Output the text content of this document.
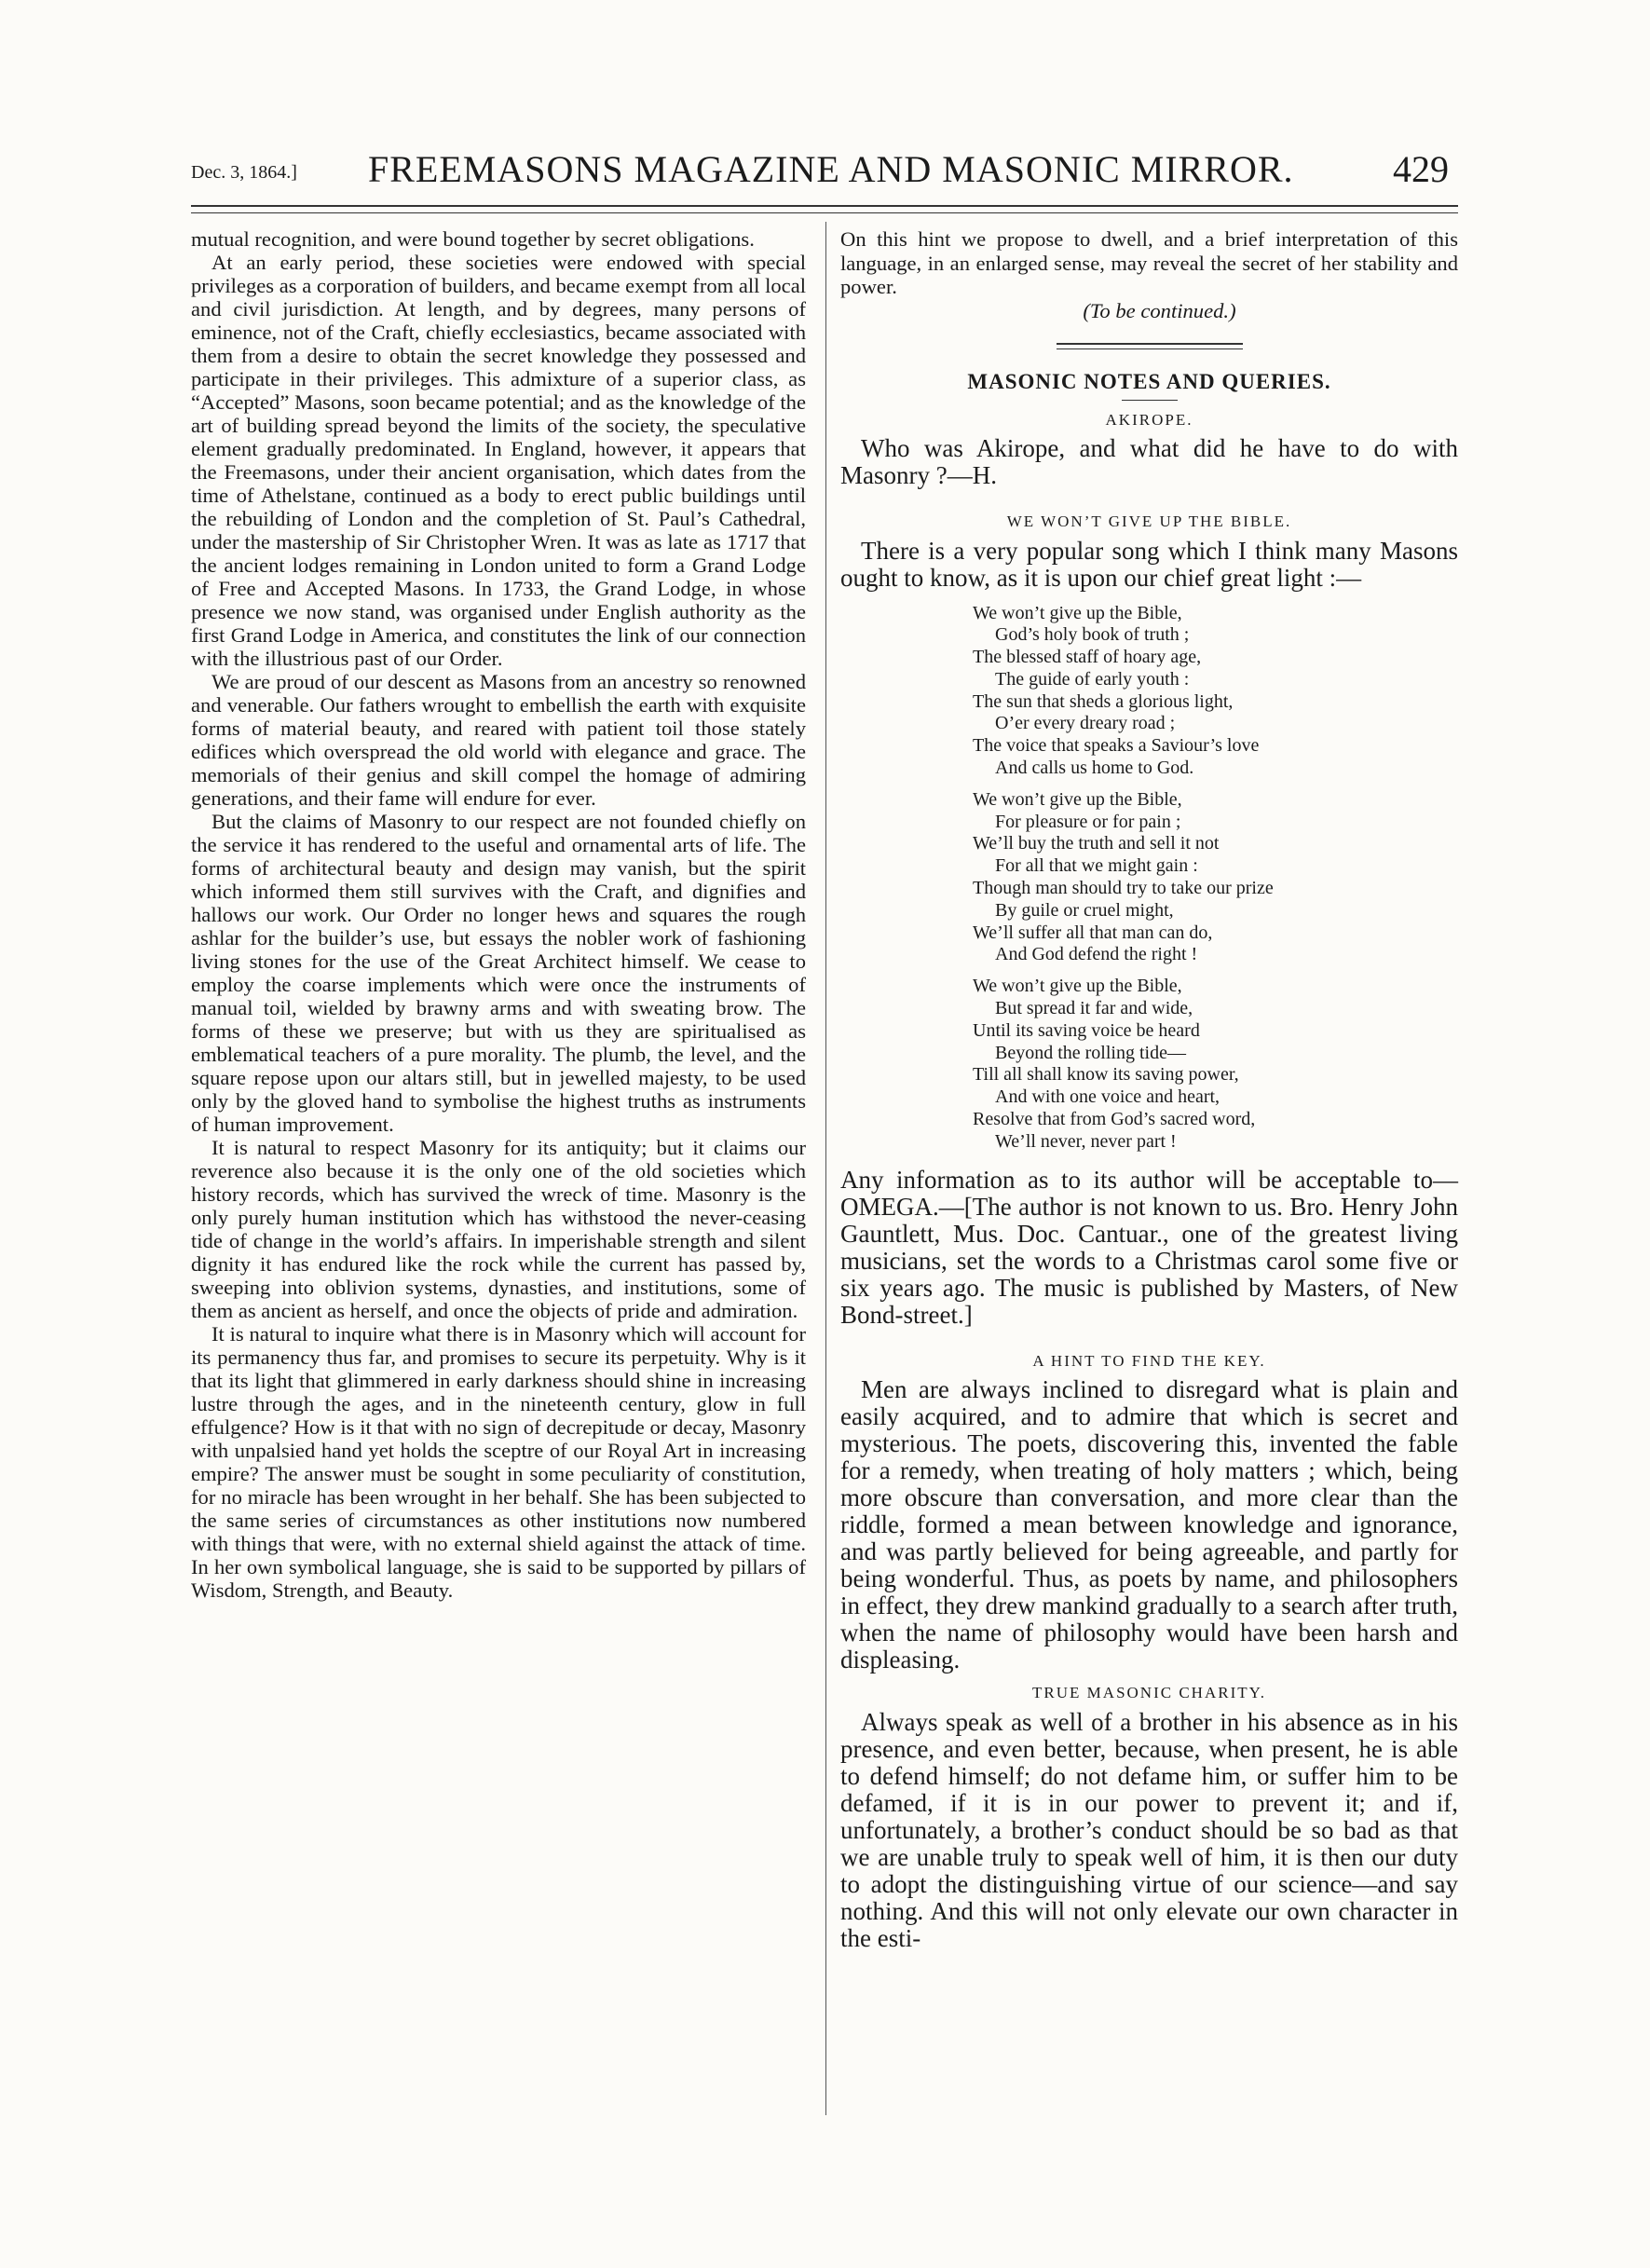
Dec. 3, 1864.] FREEMASONS MAGAZINE AND MASONIC MIRROR.	429

mutual recognition, and were bound together by secret obligations.

At an early period, these societies were endowed with special privileges as a corporation of builders, and became exempt from all local and civil jurisdiction. At length, and by degrees, many persons of eminence, not of the Craft, chiefly ecclesiastics, became associated with them from a desire to obtain the secret knowledge they possessed and participate in their privileges. This admixture of a superior class, as “Accepted” Masons, soon became potential; and as the knowledge of the art of building spread beyond the limits of the society, the speculative element gradually predominated. In England, however, it appears that the Freemasons, under their ancient organisation, which dates from the time of Athelstane, continued as a body to erect public buildings until the rebuilding of London and the completion of St. Paul’s Cathedral, under the mastership of Sir Christopher Wren. It was as late as 1717 that the ancient lodges remaining in London united to form a Grand Lodge of Free and Accepted Masons. In 1733, the Grand Lodge, in whose presence we now stand, was organised under English authority as the first Grand Lodge in America, and constitutes the link of our connection with the illustrious past of our Order.

We are proud of our descent as Masons from an ancestry so renowned and venerable. Our fathers wrought to embellish the earth with exquisite forms of material beauty, and reared with patient toil those stately edifices which overspread the old world with elegance and grace. The memorials of their genius and skill compel the homage of admiring generations, and their fame will endure for ever.

But the claims of Masonry to our respect are not founded chiefly on the service it has rendered to the useful and ornamental arts of life. The forms of architectural beauty and design may vanish, but the spirit which informed them still survives with the Craft, and dignifies and hallows our work. Our Order no longer hews and squares the rough ashlar for the builder’s use, but essays the nobler work of fashioning living stones for the use of the Great Architect himself. We cease to employ the coarse implements which were once the instruments of manual toil, wielded by brawny arms and with sweating brow. The forms of these we preserve; but with us they are spiritualised as emblematical teachers of a pure morality. The plumb, the level, and the square repose upon our altars still, but in jewelled majesty, to be used only by the gloved hand to symbolise the highest truths as instruments of human improvement.

It is natural to respect Masonry for its antiquity; but it claims our reverence also because it is the only one of the old societies which history records, which has survived the wreck of time. Masonry is the only purely human institution which has withstood the never-ceasing tide of change in the world’s affairs. In imperishable strength and silent dignity it has endured like the rock while the current has passed by, sweeping into oblivion systems, dynasties, and institutions, some of them as ancient as herself, and once the objects of pride and admiration.

It is natural to inquire what there is in Masonry which will account for its permanency thus far, and promises to secure its perpetuity. Why is it that its light that glimmered in early darkness should shine in increasing lustre through the ages, and in the nineteenth century, glow in full effulgence? How is it that with no sign of decrepitude or decay, Masonry with unpalsied hand yet holds the sceptre of our Royal Art in increasing empire? The answer must be sought in some peculiarity of constitution, for no miracle has been wrought in her behalf. She has been subjected to the same series of circumstances as other institutions now numbered with things that were, with no external shield against the attack of time. In her own symbolical language, she is said to be supported by pillars of Wisdom, Strength, and Beauty.

On this hint we propose to dwell, and a brief interpretation of this language, in an enlarged sense, may reveal the secret of her stability and power.

(To be continued.)

MASONIC NOTES AND QUERIES.
AKIROPE.

Who was Akirope, and what did he have to do with Masonry ?—H.

WE WON’T GIVE UP THE BIBLE.

There is a very popular song which I think many Masons ought to know, as it is upon our chief great light :—

We won’t give up the Bible,
God’s holy book of truth ;
The blessed staff of hoary age,
The guide of early youth :
The sun that sheds a glorious light,
O’er every dreary road ;
The voice that speaks a Saviour’s love
And calls us home to God.
We won’t give up the Bible,
For pleasure or for pain ;
We’ll buy the truth and sell it not
For all that we might gain :
Though man should try to take our prize
By guile or cruel might,
We’ll suffer all that man can do,
And God defend the right !
We won’t give up the Bible,
But spread it far and wide,
Until its saving voice be heard
Beyond the rolling tide—
Till all shall know its saving power,
And with one voice and heart,
Resolve that from God’s sacred word,
We’ll never, never part !

Any information as to its author will be acceptable to—OMEGA.—[The author is not known to us. Bro. Henry John Gauntlett, Mus. Doc. Cantuar., one of the greatest living musicians, set the words to a Christmas carol some five or six years ago. The music is published by Masters, of New Bond-street.]

A HINT TO FIND THE KEY.

Men are always inclined to disregard what is plain and easily acquired, and to admire that which is secret and mysterious. The poets, discovering this, invented the fable for a remedy, when treating of holy matters ; which, being more obscure than conversation, and more clear than the riddle, formed a mean between knowledge and ignorance, and was partly believed for being agreeable, and partly for being wonderful. Thus, as poets by name, and philosophers in effect, they drew mankind gradually to a search after truth, when the name of philosophy would have been harsh and displeasing.

TRUE MASONIC CHARITY.

Always speak as well of a brother in his absence as in his presence, and even better, because, when present, he is able to defend himself; do not defame him, or suffer him to be defamed, if it is in our power to prevent it; and if, unfortunately, a brother’s conduct should be so bad as that we are unable truly to speak well of him, it is then our duty to adopt the distinguishing virtue of our science—and say nothing. And this will not only elevate our own character in the esti-
